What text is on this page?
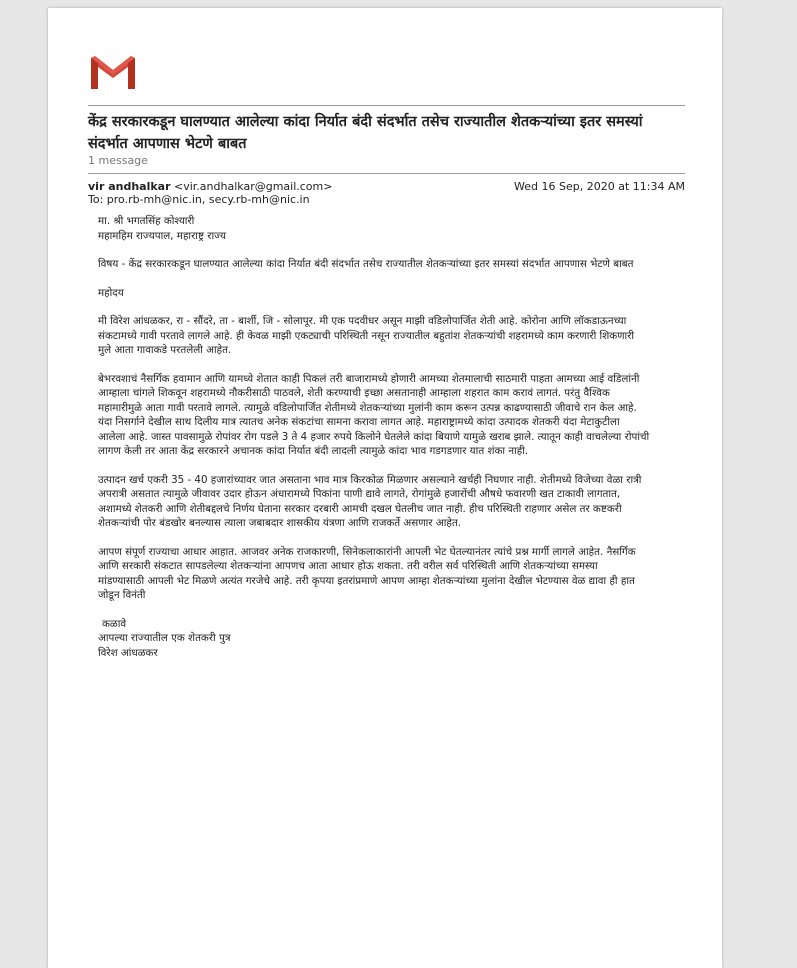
केंद्र सरकारकडून घालण्यात आलेल्या कांदा निर्यात बंदी संदर्भात तसेच राज्यातील शेतकऱ्यांच्या इतर समस्यां संदर्भात आपणास भेटणे बाबत
1 message
vir andhalkar <vir.andhalkar@gmail.com>	Wed 16 Sep, 2020 at 11:34 AM
To: pro.rb-mh@nic.in, secy.rb-mh@nic.in

मा. श्री भगतसिंह कोश्यारी
महामहिम राज्यपाल, महाराष्ट्र राज्य

विषय - केंद्र सरकारकडून घालण्यात आलेल्या कांदा निर्यात बंदी संदर्भात तसेच राज्यातील शेतकऱ्यांच्या इतर समस्यां संदर्भात आपणास भेटणे बाबत

महोदय

मी विरेश आंधळकर, रा - सौंदरे, ता - बार्शी, जि - सोलापूर. मी एक पदवीधर असून माझी वडिलोपार्जित शेती आहे. कोरोना आणि लॉकडाऊनच्या
संकटामध्ये गावी परतावे लागले आहे. ही केवळ माझी एकट्याची परिस्थिती नसून राज्यातील बहुतांश शेतकऱ्यांची शहरामध्ये काम करणारी शिकणारी
मुले आता गावाकडे परतलेली आहेत.

बेभरवशाचं नैसर्गिक हवामान आणि यामध्ये शेतात काही पिकलं तरी बाजारामध्ये होणारी आमच्या शेतमालाची साठमारी पाहता आमच्या आई वडिलांनी
आम्हाला चांगले शिकवून शहरामध्ये नौकरीसाठी पाठवले, शेती करण्याची इच्छा असतानाही आम्हाला शहरात काम करावं लागतं. परंतु वैश्विक
महामारीमुळे आता गावी परतावे लागले. त्यामुळे वडिलोपार्जित शेतीमध्ये शेतकऱ्यांच्या मुलांनी काम करून उत्पन्न काढण्यासाठी जीवाचे रान केल आहे.
यंदा निसर्गाने देखील साथ दिलीय मात्र त्यातच अनेक संकटांचा सामना करावा लागत आहे. महाराष्ट्रामध्ये कांदा उत्पादक शेतकरी यंदा मेटाकुटीला
आलेला आहे. जास्त पावसामुळे रोपांवर रोग पडले 3 ते 4 हजार रुपये किलोने घेतलेले कांदा बियाणे यामुळे खराब झाले. त्यातून काही वाचलेल्या रोपांची
लागण केली तर आता केंद्र सरकारने अचानक कांदा निर्यात बंदी लादली त्यामुळे कांदा भाव गडगडणार यात शंका नाही.

उत्पादन खर्च एकरी 35 - 40 हजारांच्यावर जात असताना भाव मात्र किरकोळ मिळणार असल्याने खर्चही निघणार नाही. शेतीमध्ये विजेच्या वेळा रात्री
अपरात्री असतात त्यामुळे जीवावर उदार होऊन अंधारामध्ये पिकांना पाणी द्यावे लागते, रोगांमुळे हजारोंची औषधे फवारणी खत टाकावी लागतात,
अशामध्ये शेतकरी आणि शेतीबद्दलचे निर्णय घेताना सरकार दरबारी आमची दखल घेतलीच जात नाही. हीच परिस्थिती राहणार असेल तर कष्टकरी
शेतकऱ्यांची पोर बंडखोर बनल्यास त्याला जबाबदार शासकीय यंत्रणा आणि राजकर्ते असणार आहेत.

आपण संपूर्ण राज्याचा आधार आहात. आजवर अनेक राजकारणी, सिनेकलाकारांनी आपली भेट घेतल्यानंतर त्यांचे प्रश्न मार्गी लागले आहेत. नैसर्गिक
आणि सरकारी संकटात सापडलेल्या शेतकऱ्यांना आपणच आता आधार होऊ शकता. तरी वरील सर्व परिस्थिती आणि शेतकऱ्यांच्या समस्या
मांडण्यासाठी आपली भेट मिळणे अत्यंत गरजेचे आहे. तरी कृपया इतरांप्रमाणे आपण आम्हा शेतकऱ्यांच्या मुलांना देखील भेटण्यास वेळ द्यावा ही हात
जोडून विनंती

कळावे
आपल्या राज्यातील एक शेतकरी पुत्र
विरेश आंधळकर
